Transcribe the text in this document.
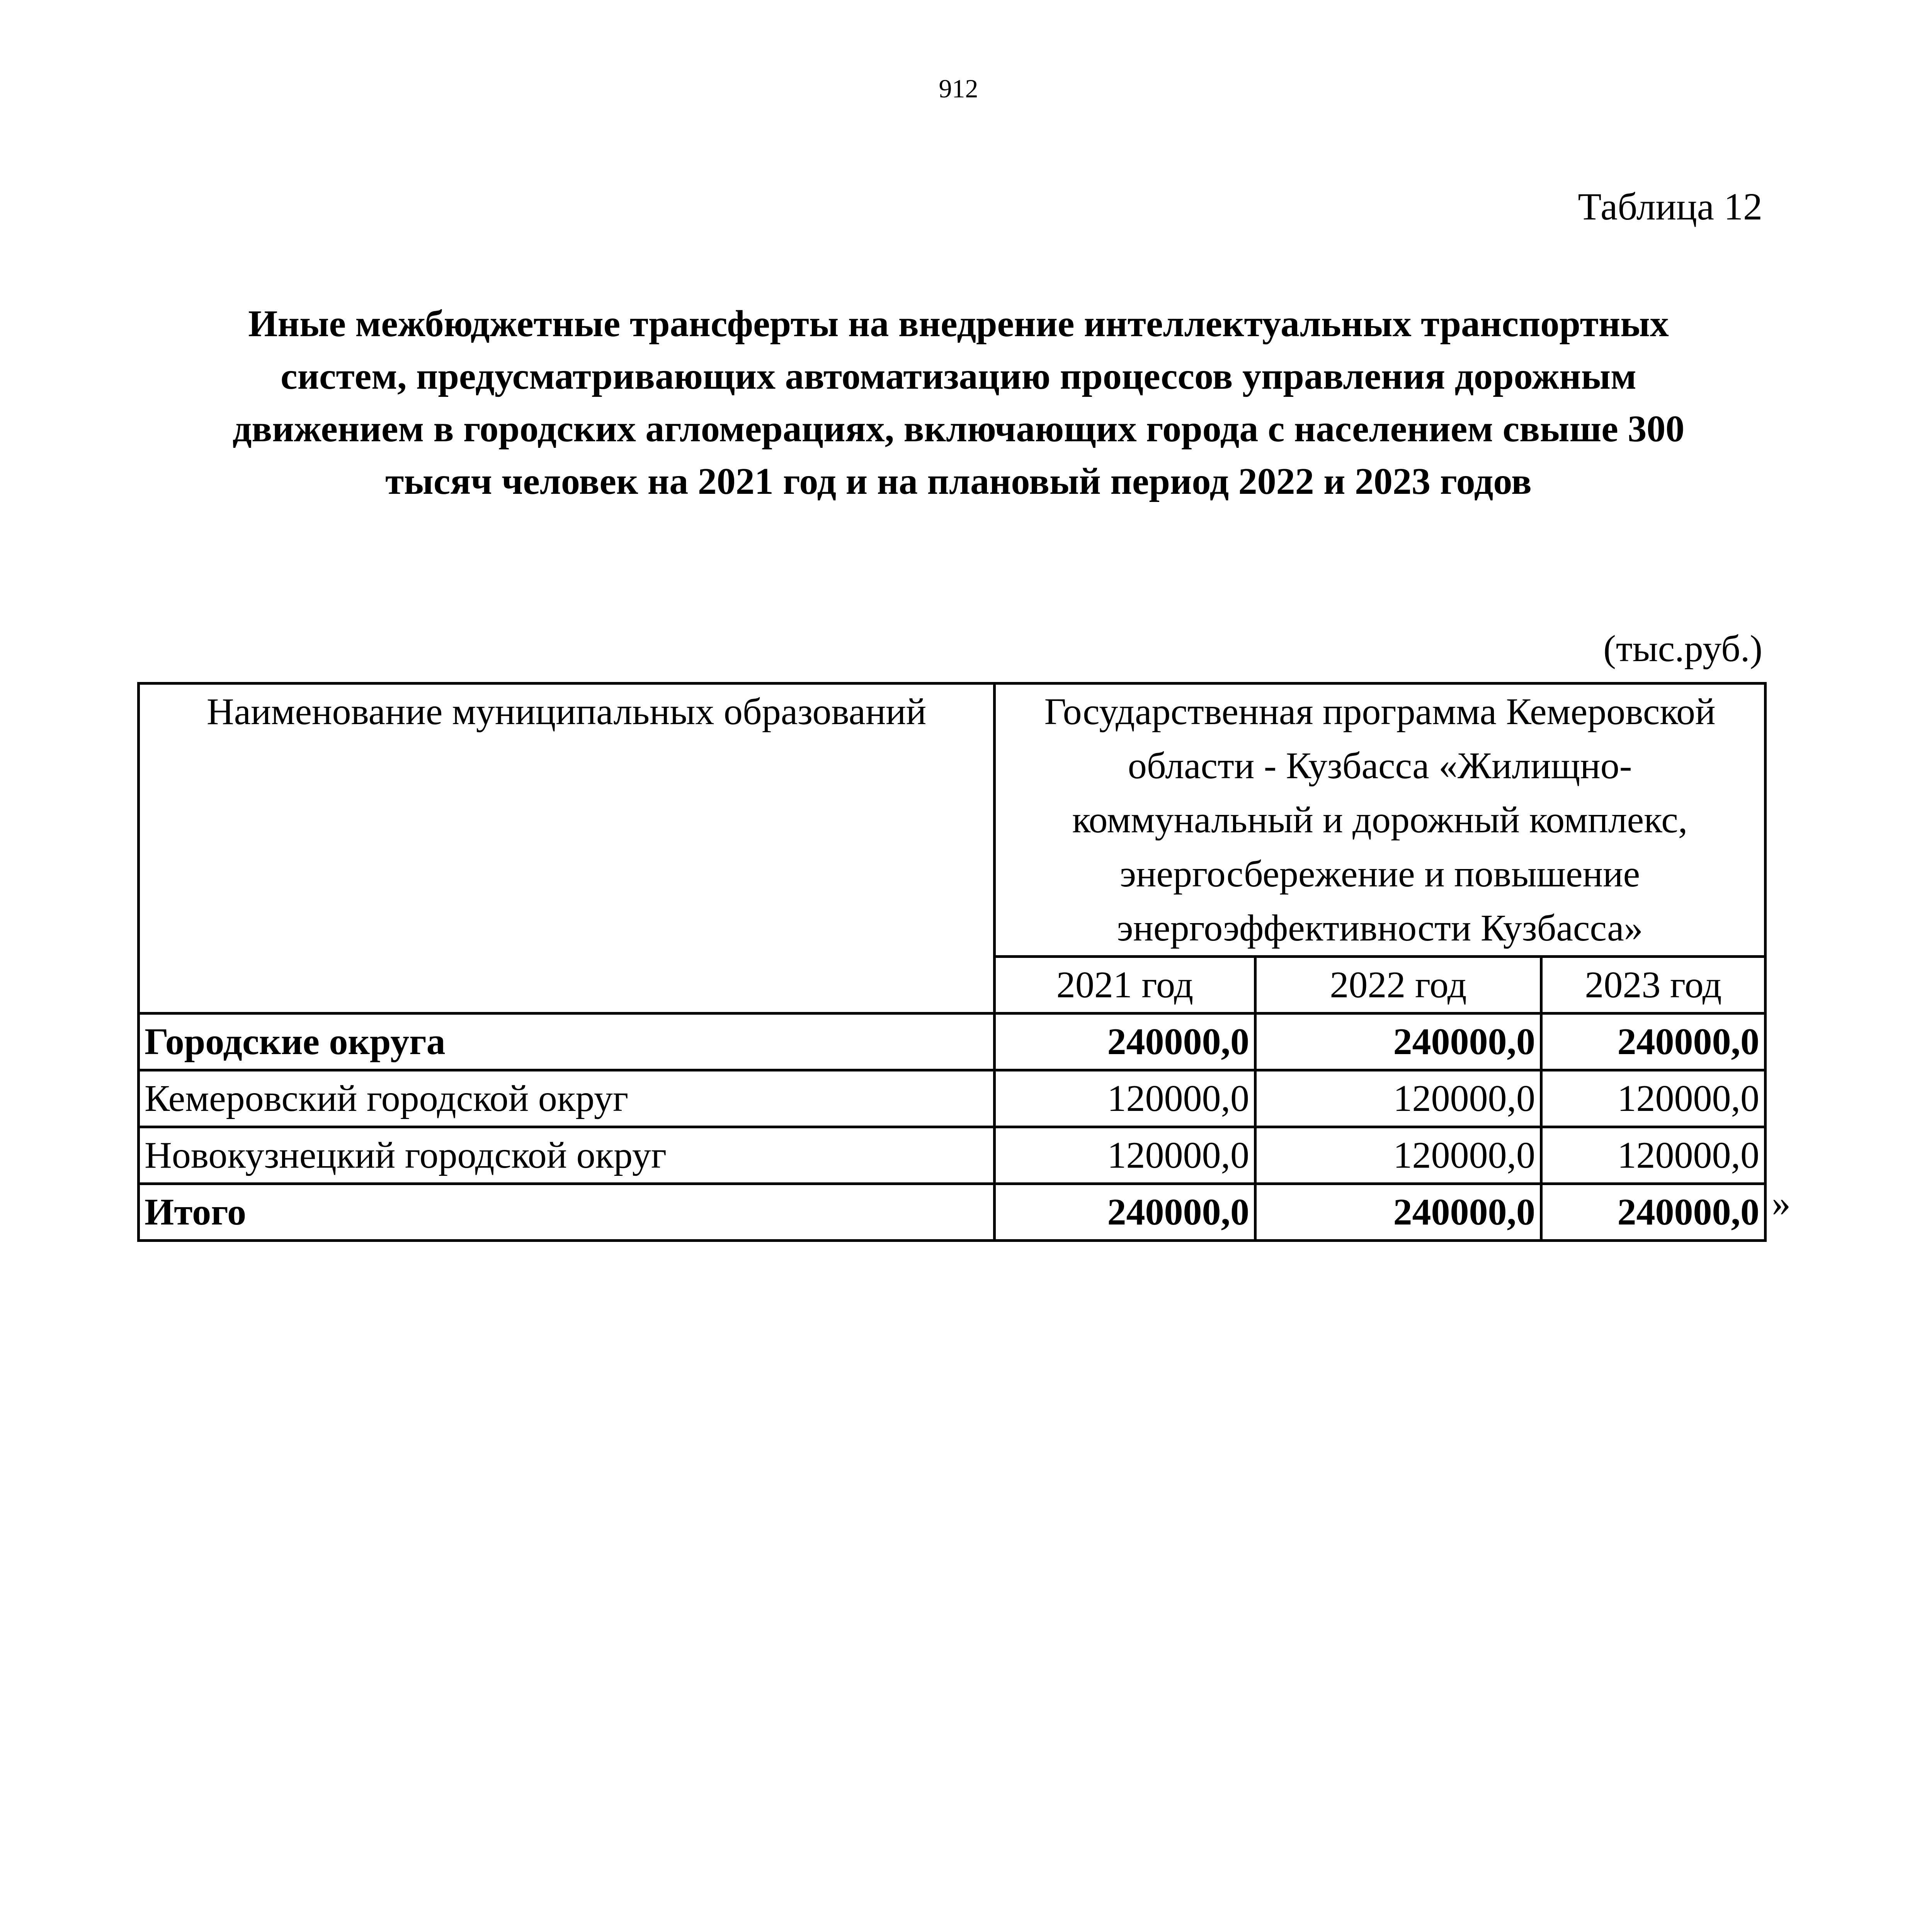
912
Таблица 12
Иные межбюджетные трансферты на внедрение интеллектуальных транспортных
систем, предусматривающих автоматизацию процессов управления дорожным
движением в городских агломерациях, включающих города с населением свыше 300
тысяч человек на 2021 год и на плановый период 2022 и 2023 годов
(тыс.руб.)
Наименование муниципальных образований	Государственная программа Кемеровской
области - Кузбасса «Жилищно-
коммунальный и дорожный комплекс,
энергосбережение и повышение
энергоэффективности Кузбасса»		

	2021 год	2022 год	2023 год
Городские округа	240000,0	240000,0	240000,0
Кемеровский городской округ	120000,0	120000,0	120000,0
Новокузнецкий городской округ	120000,0	120000,0	120000,0
Итого	240000,0	240000,0	240000,0 »
